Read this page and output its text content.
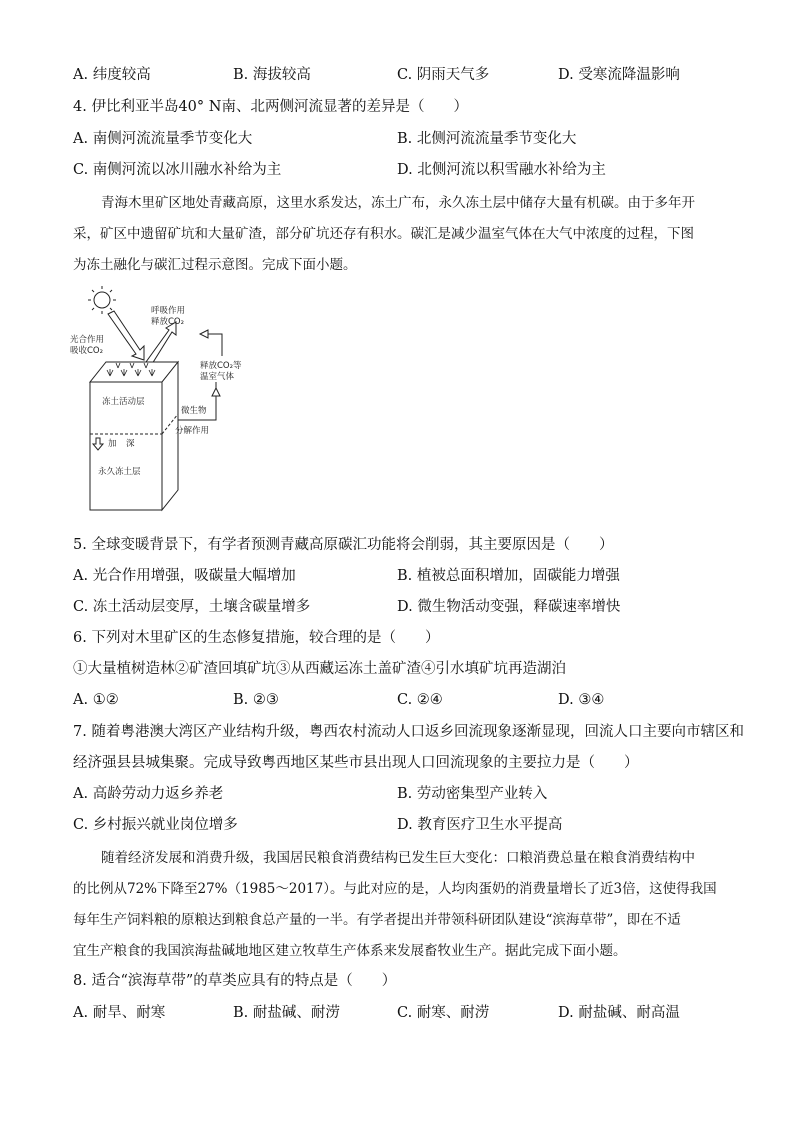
A. 纬度较高	B. 海拔较高	C. 阴雨天气多	D. 受寒流降温影响
4. 伊比利亚半岛40° N南、北两侧河流显著的差异是（　　）
A. 南侧河流流量季节变化大	B. 北侧河流流量季节变化大
C. 南侧河流以冰川融水补给为主	D. 北侧河流以积雪融水补给为主

青海木里矿区地处青藏高原，这里水系发达，冻土广布，永久冻土层中储存大量有机碳。由于多年开

采，矿区中遗留矿坑和大量矿渣，部分矿坑还存有积水。碳汇是减少温室气体在大气中浓度的过程，下图

为冻土融化与碳汇过程示意图。完成下面小题。

呼吸作用
释放CO₂
光合作用
吸收CO₂
冻土活动层
加 深
永久冻土层
释放CO₂等
温室气体
微生物
分解作用
5. 全球变暖背景下，有学者预测青藏高原碳汇功能将会削弱，其主要原因是（　　）
A. 光合作用增强，吸碳量大幅增加	B. 植被总面积增加，固碳能力增强
C. 冻土活动层变厚，土壤含碳量增多	D. 微生物活动变强，释碳速率增快
6. 下列对木里矿区的生态修复措施，较合理的是（　　）
①大量植树造林②矿渣回填矿坑③从西藏运冻土盖矿渣④引水填矿坑再造湖泊
A. ①②	B. ②③	C. ②④	D. ③④
7. 随着粤港澳大湾区产业结构升级，粤西农村流动人口返乡回流现象逐渐显现，回流人口主要向市辖区和
经济强县县城集聚。完成导致粤西地区某些市县出现人口回流现象的主要拉力是（　　）
A. 高龄劳动力返乡养老	B. 劳动密集型产业转入
C. 乡村振兴就业岗位增多	D. 教育医疗卫生水平提高

随着经济发展和消费升级，我国居民粮食消费结构已发生巨大变化：口粮消费总量在粮食消费结构中

的比例从72%下降至27%（1985～2017）。与此对应的是，人均肉蛋奶的消费量增长了近3倍，这使得我国

每年生产饲料粮的原粮达到粮食总产量的一半。有学者提出并带领科研团队建设“滨海草带”，即在不适

宜生产粮食的我国滨海盐碱地地区建立牧草生产体系来发展畜牧业生产。据此完成下面小题。

8. 适合“滨海草带”的草类应具有的特点是（　　）
A. 耐旱、耐寒	B. 耐盐碱、耐涝	C. 耐寒、耐涝	D. 耐盐碱、耐高温
